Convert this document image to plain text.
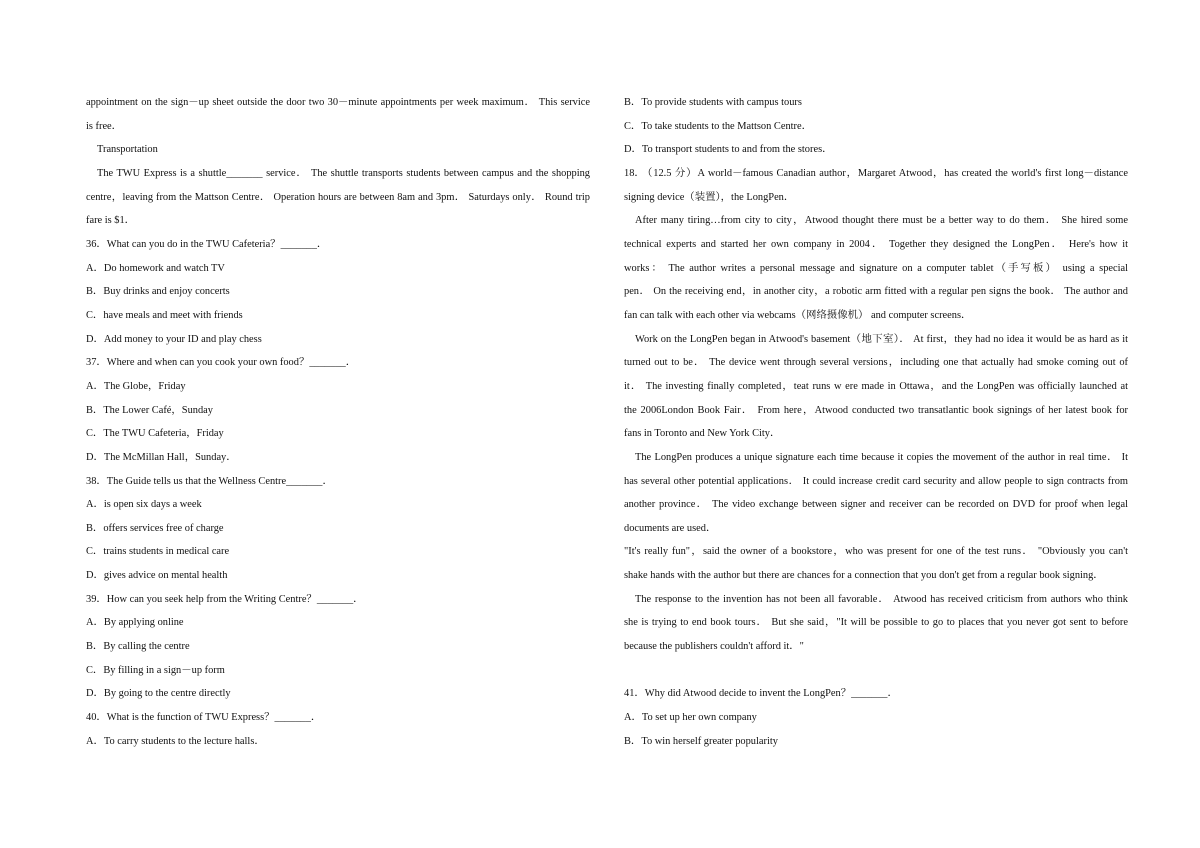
appointment on the sign－up sheet outside the door two 30－minute appointments per week maximum． This service
is free．
Transportation
The TWU Express is a shuttle_______ service． The shuttle transports students between campus and the shopping
centre，leaving from the Mattson Centre． Operation hours are between 8am and 3pm． Saturdays only． Round trip
fare is $1．
36．What can you do in the TWU Cafeteria？_______．
A．Do homework and watch TV
B．Buy drinks and enjoy concerts
C．have meals and meet with friends
D．Add money to your ID and play chess
37．Where and when can you cook your own food？_______．
A．The Globe，Friday
B．The Lower Café，Sunday
C．The TWU Cafeteria，Friday
D．The McMillan Hall，Sunday．
38．The Guide tells us that the Wellness Centre_______．
A．is open six days a week
B．offers services free of charge
C．trains students in medical care
D．gives advice on mental health
39．How can you seek help from the Writing Centre？_______．
A．By applying online
B．By calling the centre
C．By filling in a sign－up form
D．By going to the centre directly
40．What is the function of TWU Express？_______．
A．To carry students to the lecture halls．
B．To provide students with campus tours
C．To take students to the Mattson Centre．
D．To transport students to and from the stores．
18．
（12.5 分）A world－famous Canadian author，Margaret Atwood，has created the world's first long－distance
signing device（装置），the LongPen．
After many tiring…from city to city，Atwood thought there must be a better way to do them． She hired some
technical experts and started her own company in 2004． Together they designed the LongPen． Here's how it
works： The author writes a personal message and signature on a computer tablet（手写板） using a special
pen． On the receiving end，in another city，a robotic arm fitted with a regular pen signs the book． The author and
fan can talk with each other via webcams（网络摄像机） and computer screens．
Work on the LongPen began in Atwood's basement（地下室）． At first，they had no idea it would be as hard as it
turned out to be． The device went through several versions，including one that actually had smoke coming out of
it． The investing finally completed，teat runs w ere made in Ottawa，and the LongPen was officially launched at
the 2006London Book Fair． From here，Atwood conducted two transatlantic book signings of her latest book for
fans in Toronto and New York City．
The LongPen produces a unique signature each time because it copies the movement of the author in real time． It
has several other potential applications． It could increase credit card security and allow people to sign contracts from
another province． The video exchange between signer and receiver can be recorded on DVD for proof when legal
documents are used．
"It's really fun"，said the owner of a bookstore，who was present for one of the test runs． "Obviously you can't
shake hands with the author but there are chances for a connection that you don't get from a regular book signing．
The response to the invention has not been all favorable． Atwood has received criticism from authors who think
she is trying to end book tours． But she said，"It will be possible to go to places that you never got sent to before
because the publishers couldn't afford it．"
41．Why did Atwood decide to invent the LongPen？_______．
A．To set up her own company
B．To win herself greater popularity
